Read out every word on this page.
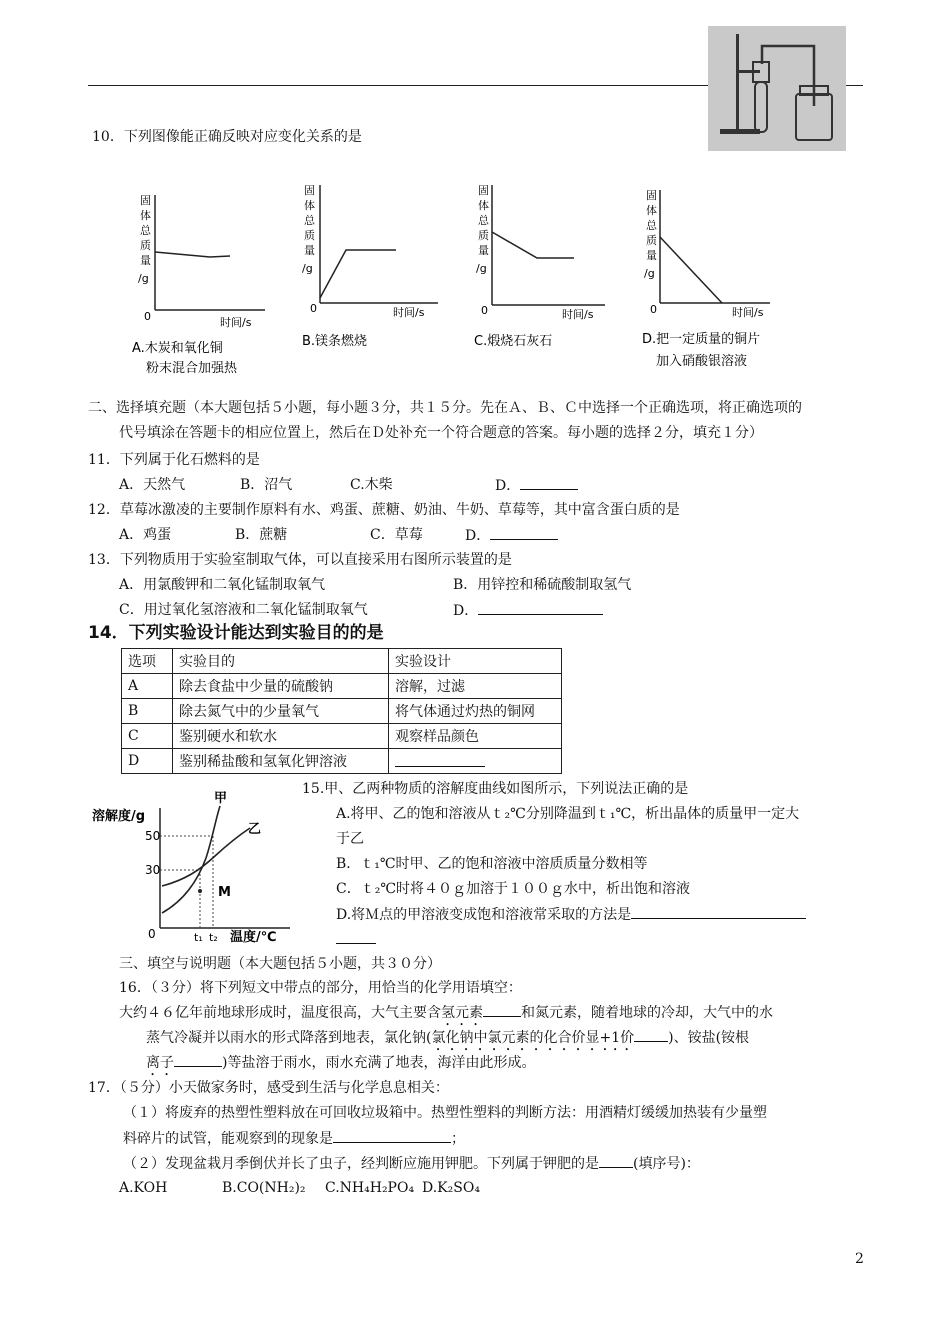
10．下列图像能正确反映对应变化关系的是
固
体
总
质
量
/g
0	时间/s
A.木炭和氧化铜
粉末混合加强热
固
体
总
质
量
/g
0	时间/s
B.镁条燃烧
固
体
总
质
量
/g
0	时间/s
C.煅烧石灰石
固
体
总
质
量
/g
0	时间/s
D.把一定质量的铜片
加入硝酸银溶液
二、选择填充题（本大题包括５小题，每小题３分，共１５分。先在Ａ、Ｂ、Ｃ中选择一个正确选项，将正确选项的
代号填涂在答题卡的相应位置上，然后在Ｄ处补充一个符合题意的答案。每小题的选择２分，填充１分）
11．下列属于化石燃料的是
A．天然气	B．沼气	C.木柴	D．
12．草莓冰激凌的主要制作原料有水、鸡蛋、蔗糖、奶油、牛奶、草莓等，其中富含蛋白质的是
A．鸡蛋	B．蔗糖	C．草莓	D．
13．下列物质用于实验室制取气体，可以直接采用右图所示装置的是
A．用氯酸钾和二氧化锰制取氧气	B．用锌控和稀硫酸制取氢气
C．用过氧化氢溶液和二氧化锰制取氧气	D．
14．下列实验设计能达到实验目的的是
选项	实验目的	实验设计
A	除去食盐中少量的硫酸钠	溶解，过滤
B	除去氮气中的少量氧气	将气体通过灼热的铜网
C	鉴别硬水和软水	观察样品颜色
D	鉴别稀盐酸和氢氧化钾溶液	
溶解度/g
甲
乙
50
30
0
M
t₁ t₂ 温度/℃
15.甲、乙两种物质的溶解度曲线如图所示，下列说法正确的是
A.将甲、乙的饱和溶液从ｔ₂℃分别降温到ｔ₁℃，析出晶体的质量甲一定大
于乙
B．ｔ₁℃时甲、乙的饱和溶液中溶质质量分数相等
C．ｔ₂℃时将４０ｇ加溶于１００ｇ水中，析出饱和溶液
D.将Ｍ点的甲溶液变成饱和溶液常采取的方法是
三、填空与说明题（本大题包括５小题，共３０分）
16．（３分）将下列短文中带点的部分，用恰当的化学用语填空：
大约４６亿年前地球形成时，温度很高，大气主要含氢元素	和氮元素，随着地球的冷却，大气中的水
蒸气冷凝并以雨水的形式降落到地表，氯化钠(氯化钠中氯元素的化合价显+1价 )、铵盐(铵根
离子	)等盐溶于雨水，雨水充满了地表，海洋由此形成。
17．（５分）小天做家务时，感受到生活与化学息息相关：
（１）将废弃的热塑性塑料放在可回收垃圾箱中。热塑性塑料的判断方法：用酒精灯缓缓加热装有少量塑
料碎片的试管，能观察到的现象是	；
（２）发现盆栽月季倒伏并长了虫子，经判断应施用钾肥。下列属于钾肥的是 (填序号)：
A.KOH	B.CO(NH₂)₂ C.NH₄H₂PO₄ D.K₂SO₄
2
